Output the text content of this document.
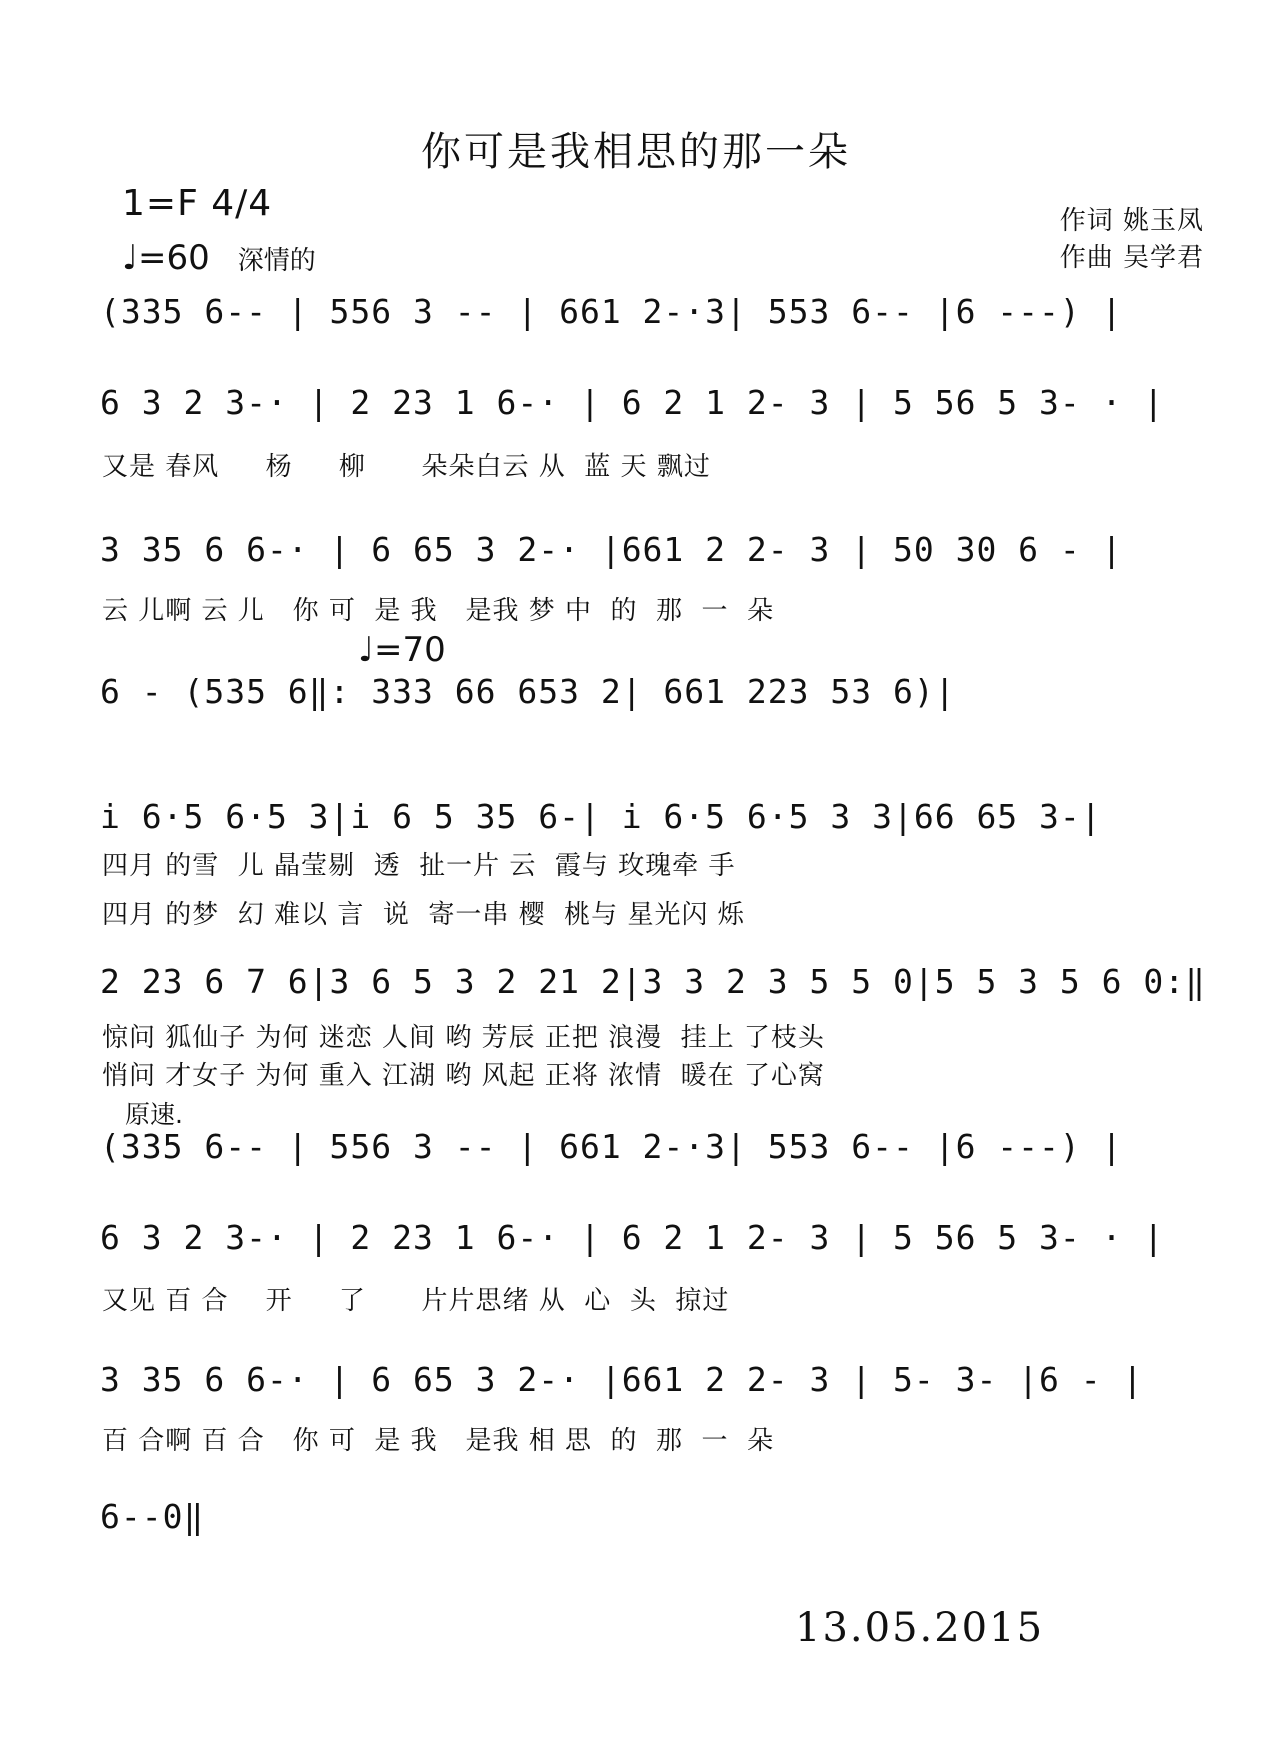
你可是我相思的那一朵
1=F 4/4
♩=60 深情的
作词 姚玉凤
作曲 吴学君
(335 6-- | 556 3 -- | 661 2-·3| 553 6-- |6 ---) |
6 3 2 3-· | 2 23 1 6-· | 6 2 1 2- 3 | 5 56 5 3- · |
又是 春风     杨     柳      朵朵白云 从  蓝 天 飘过
3 35 6 6-· | 6 65 3 2-· |661 2 2- 3 | 50 30 6 - |
云 儿啊 云 儿   你 可  是 我   是我 梦 中  的  那  一  朵
♩=70
6 - (535 6‖: 333 66 653 2| 661 223 53 6)|
i 6·5 6·5 3|i 6 5 35 6-| i 6·5 6·5 3 3|66 65 3-|
四月 的雪  儿 晶莹剔  透  扯一片 云  霞与 玫瑰牵 手
四月 的梦  幻 难以 言  说  寄一串 樱  桃与 星光闪 烁
2 23 6 7 6|3 6 5 3 2 21 2|3 3 2 3 5 5 0|5 5 3 5 6 0:‖
惊问 狐仙子 为何 迷恋 人间 哟 芳辰 正把 浪漫  挂上 了枝头
悄问 才女子 为何 重入 江湖 哟 风起 正将 浓情  暖在 了心窝
原速.
(335 6-- | 556 3 -- | 661 2-·3| 553 6-- |6 ---) |
6 3 2 3-· | 2 23 1 6-· | 6 2 1 2- 3 | 5 56 5 3- · |
又见 百 合    开     了      片片思绪 从  心  头  掠过
3 35 6 6-· | 6 65 3 2-· |661 2 2- 3 | 5- 3- |6 - |
百 合啊 百 合   你 可  是 我   是我 相 思  的  那  一  朵
6--0‖
13.05.2015
